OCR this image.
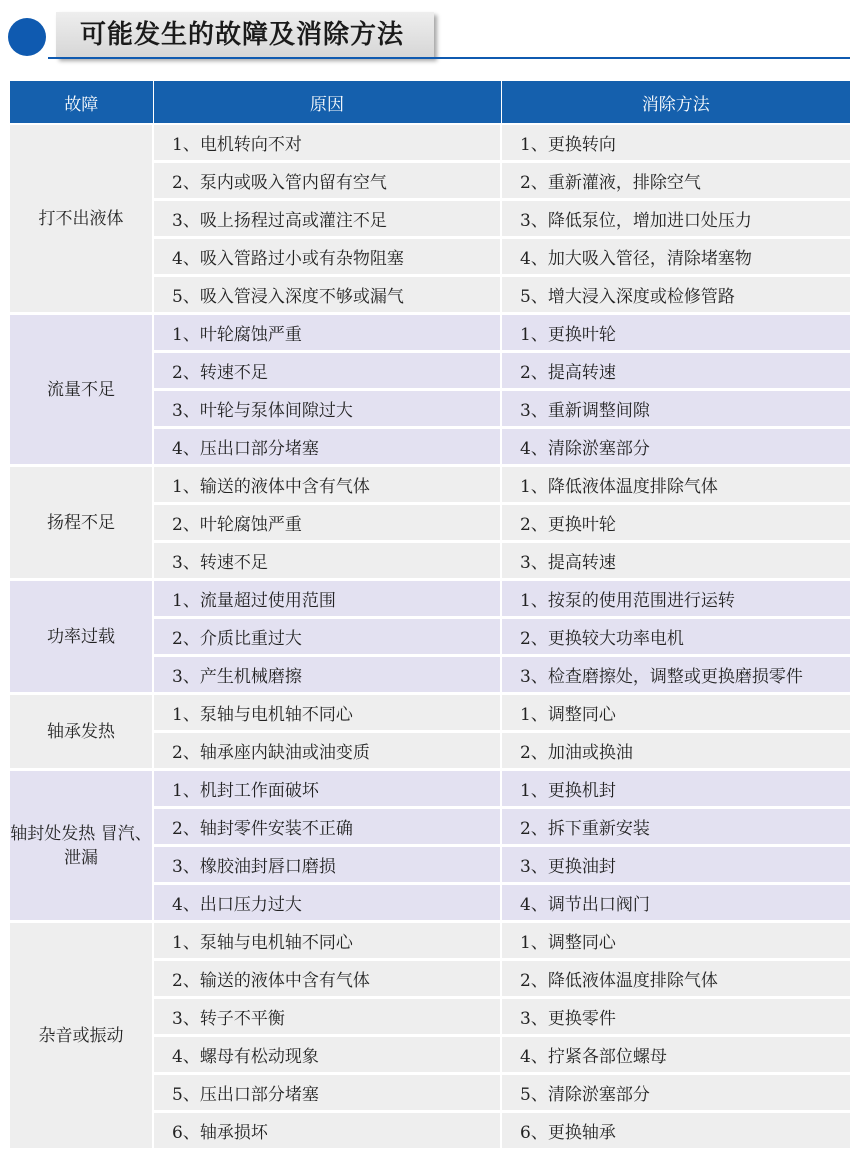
可能发生的故障及消除方法
故障	原因	消除方法
打不出液体	1、电机转向不对	1、更换转向
	2、泵内或吸入管内留有空气	2、重新灌液，排除空气
	3、吸上扬程过高或灌注不足	3、降低泵位，增加进口处压力
	4、吸入管路过小或有杂物阻塞	4、加大吸入管径，清除堵塞物
	5、吸入管浸入深度不够或漏气	5、增大浸入深度或检修管路
流量不足	1、叶轮腐蚀严重	1、更换叶轮
	2、转速不足	2、提高转速
	3、叶轮与泵体间隙过大	3、重新调整间隙
	4、压出口部分堵塞	4、清除淤塞部分
扬程不足	1、输送的液体中含有气体	1、降低液体温度排除气体
	2、叶轮腐蚀严重	2、更换叶轮
	3、转速不足	3、提高转速
功率过载	1、流量超过使用范围	1、按泵的使用范围进行运转
	2、介质比重过大	2、更换较大功率电机
	3、产生机械磨擦	3、检查磨擦处，调整或更换磨损零件
轴承发热	1、泵轴与电机轴不同心	1、调整同心
	2、轴承座内缺油或油变质	2、加油或换油
轴封处发热 冒汽、泄漏	1、机封工作面破坏	1、更换机封
	2、轴封零件安装不正确	2、拆下重新安装
	3、橡胶油封唇口磨损	3、更换油封
	4、出口压力过大	4、调节出口阀门
杂音或振动	1、泵轴与电机轴不同心	1、调整同心
	2、输送的液体中含有气体	2、降低液体温度排除气体
	3、转子不平衡	3、更换零件
	4、螺母有松动现象	4、拧紧各部位螺母
	5、压出口部分堵塞	5、清除淤塞部分
	6、轴承损坏	6、更换轴承
